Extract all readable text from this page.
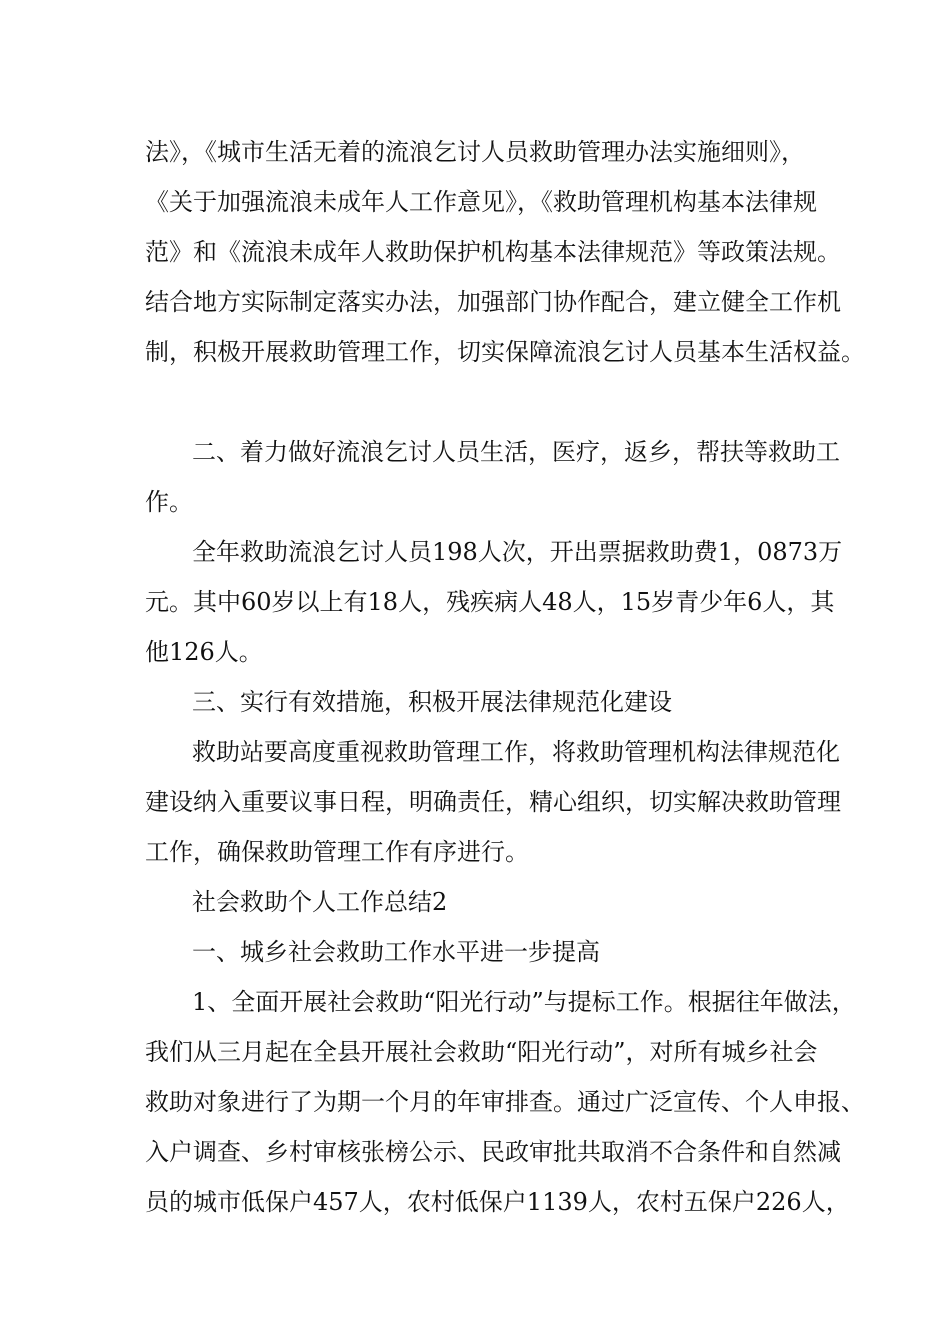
法》，《城市生活无着的流浪乞讨人员救助管理办法实施细则》，
《关于加强流浪未成年人工作意见》，《救助管理机构基本法律规
范》和《流浪未成年人救助保护机构基本法律规范》等政策法规。
结合地方实际制定落实办法，加强部门协作配合，建立健全工作机
制，积极开展救助管理工作，切实保障流浪乞讨人员基本生活权益。
二、着力做好流浪乞讨人员生活，医疗，返乡，帮扶等救助工
作。
全年救助流浪乞讨人员198人次，开出票据救助费1，0873万
元。其中60岁以上有18人，残疾病人48人，15岁青少年6人，其
他126人。
三、实行有效措施，积极开展法律规范化建设
救助站要高度重视救助管理工作，将救助管理机构法律规范化
建设纳入重要议事日程，明确责任，精心组织，切实解决救助管理
工作，确保救助管理工作有序进行。
社会救助个人工作总结2
一、城乡社会救助工作水平进一步提高
1、全面开展社会救助“阳光行动”与提标工作。根据往年做法，
我们从三月起在全县开展社会救助“阳光行动”，对所有城乡社会
救助对象进行了为期一个月的年审排查。通过广泛宣传、个人申报、
入户调查、乡村审核张榜公示、民政审批共取消不合条件和自然减
员的城市低保户457人，农村低保户1139人，农村五保户226人，
